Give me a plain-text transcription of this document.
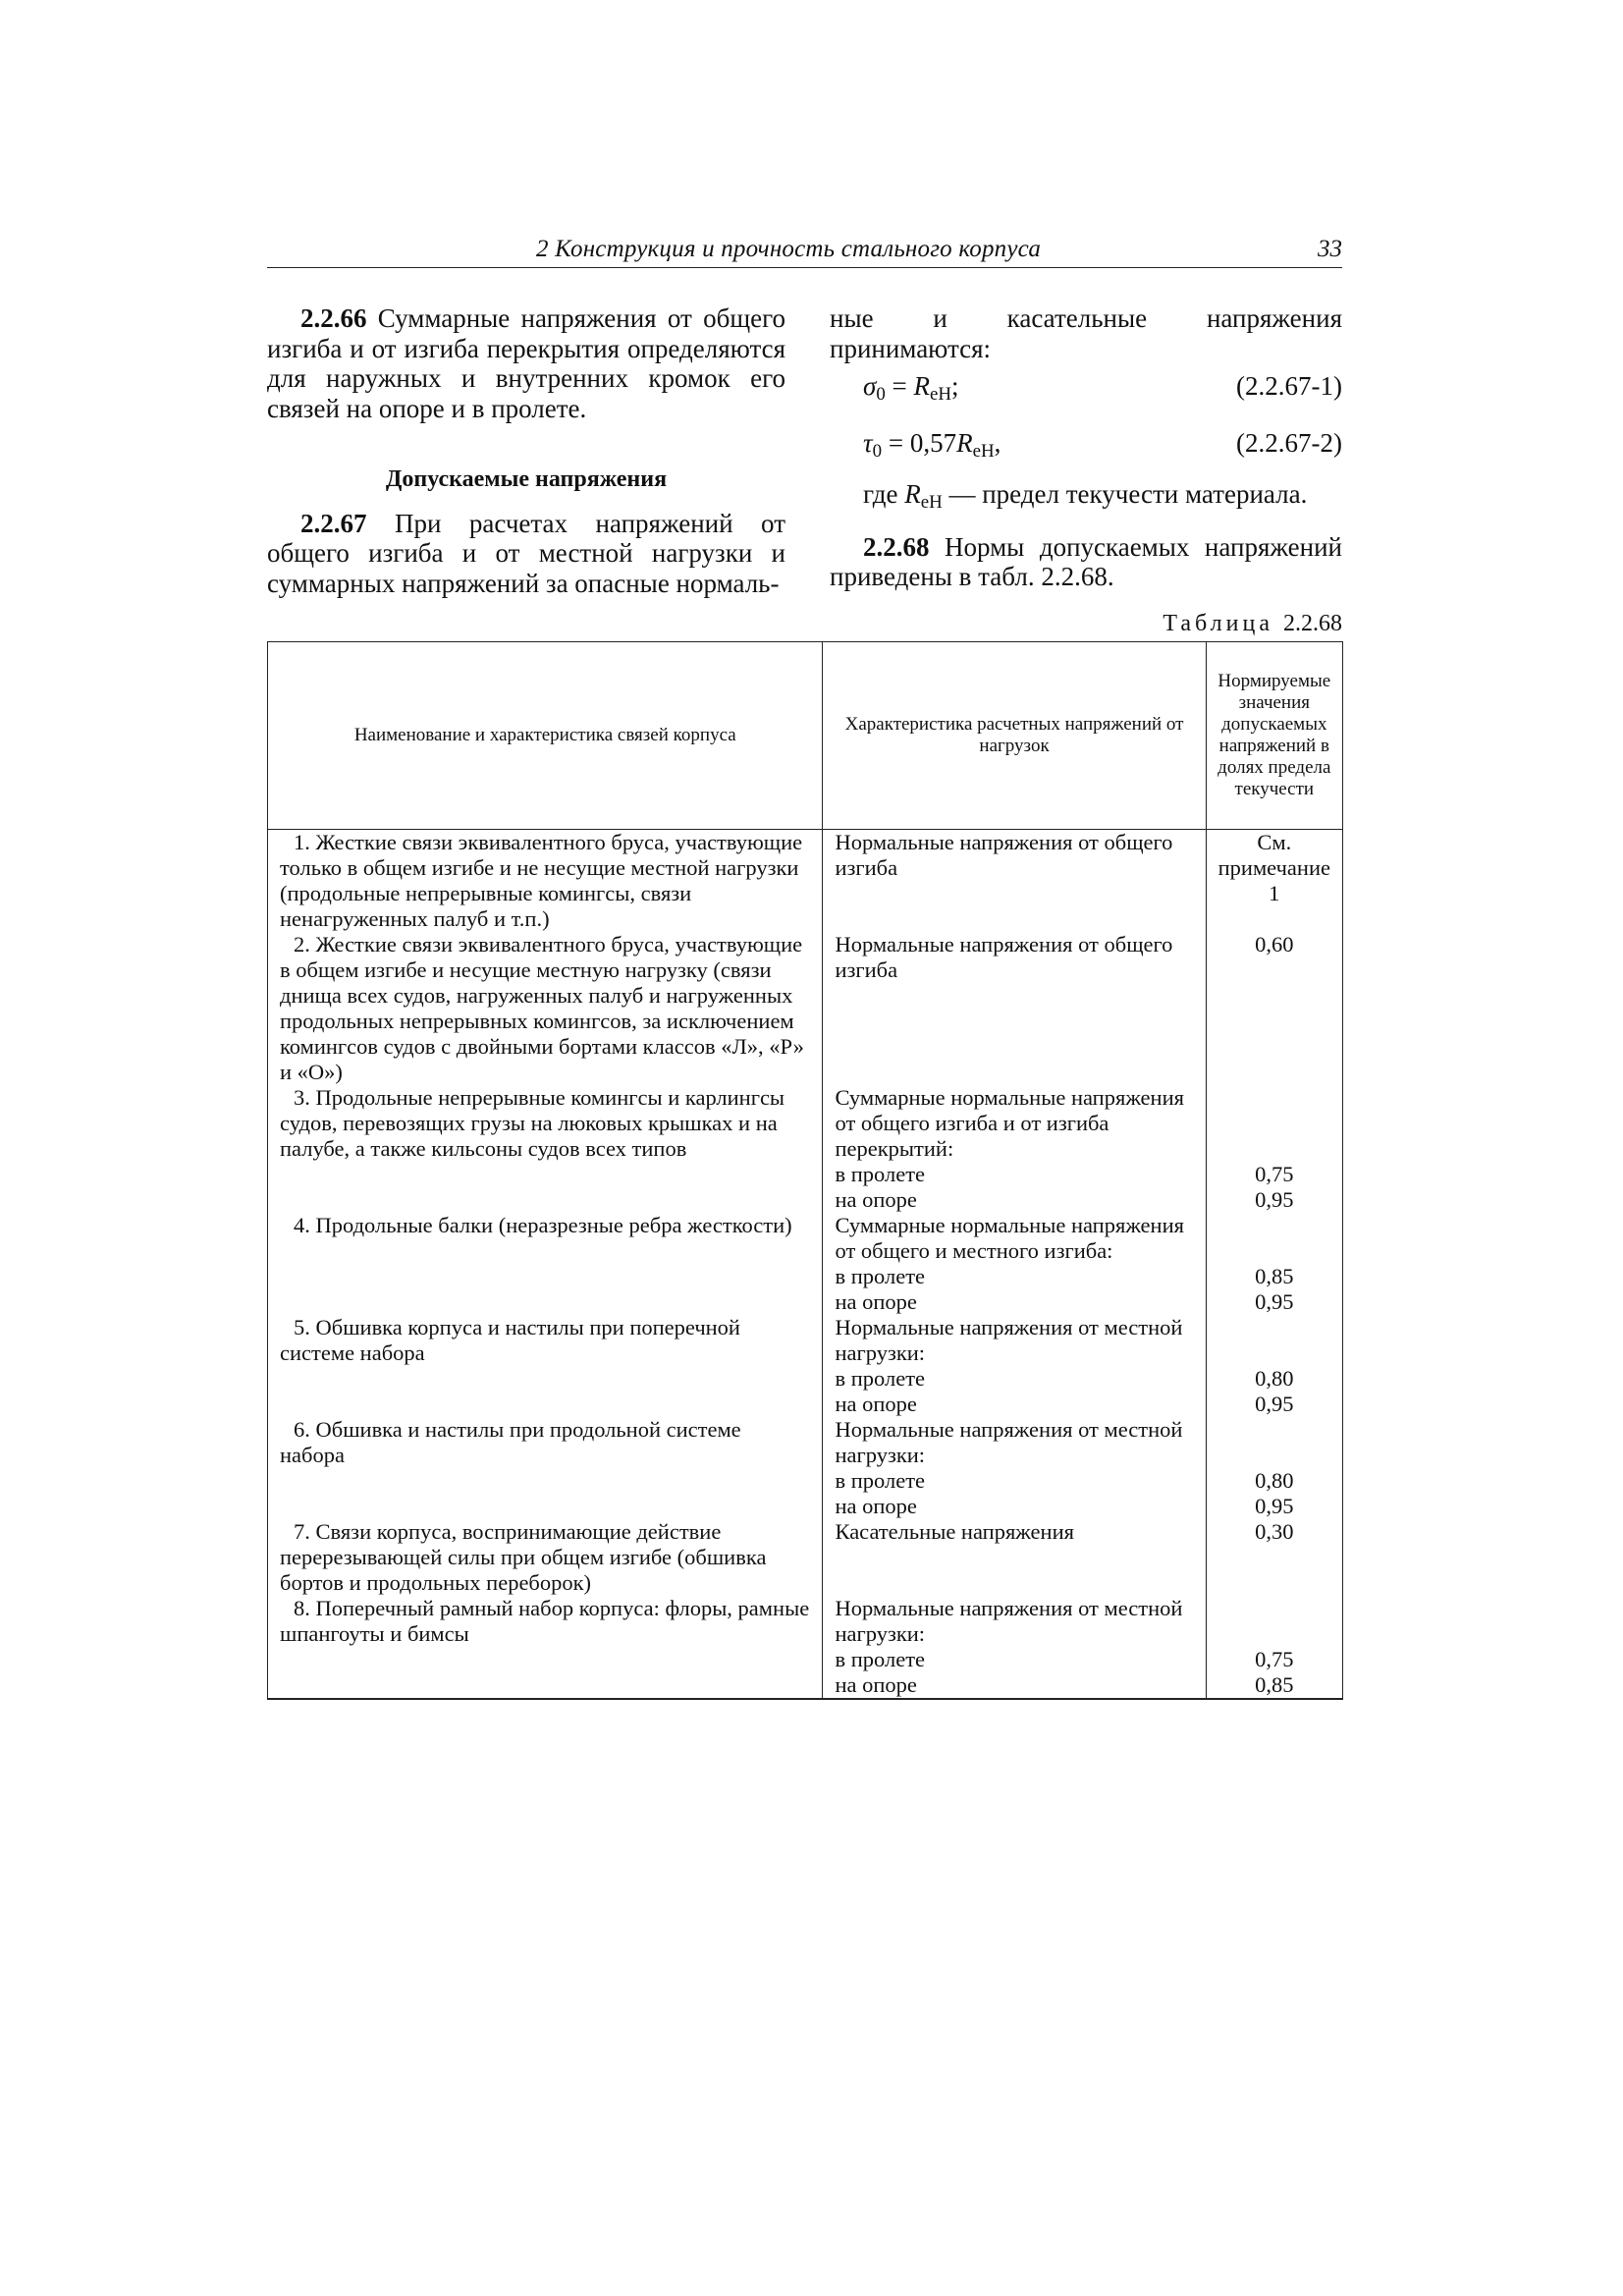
2 Конструкция и прочность стального корпуса	33

2.2.66 Суммарные напряжения от общего изгиба и от изгиба перекрытия определяются для наружных и внутренних кромок его связей на опоре и в пролете.

Допускаемые напряжения

2.2.67 При расчетах напряжений от общего изгиба и от местной нагрузки и суммарных напряжений за опасные нормаль-

ные и касательные напряжения принимаются:

$\sigma_0 = R_{eH}$;	(2.2.67-1)
$\tau_0 = 0,57R_{eH}$,	(2.2.67-2)

где $R_{eH}$ — предел текучести материала.

2.2.68 Нормы допускаемых напряжений приведены в табл. 2.2.68.

Таблица 2.2.68
Наименование и характеристика связей корпуса	Характеристика расчетных напряжений от нагрузок	Нормируемые значения допускаемых напряжений в долях предела текучести
1. Жесткие связи эквивалентного бруса, участвующие только в общем изгибе и не несущие местной нагрузки (продольные непрерывные комингсы, связи ненагруженных палуб и т.п.)	Нормальные напряжения от общего изгиба	См. примечание 1
2. Жесткие связи эквивалентного бруса, участвующие в общем изгибе и несущие местную нагрузку (связи днища всех судов, нагруженных палуб и нагруженных продольных непрерывных комингсов, за исключением комингсов судов с двойными бортами классов «Л», «Р» и «О»)	Нормальные напряжения от общего изгиба	0,60
3. Продольные непрерывные комингсы и карлингсы судов, перевозящих грузы на люковых крышках и на палубе, а также кильсоны судов всех типов	Суммарные нормальные напряжения от общего изгиба и от изгиба перекрытий:	
	в пролете	0,75
	на опоре	0,95
4. Продольные балки (неразрезные ребра жесткости)	Суммарные нормальные напряжения от общего и местного изгиба:	
	в пролете	0,85
	на опоре	0,95
5. Обшивка корпуса и настилы при поперечной системе набора	Нормальные напряжения от местной нагрузки:	
	в пролете	0,80
	на опоре	0,95
6. Обшивка и настилы при продольной системе набора	Нормальные напряжения от местной нагрузки:	
	в пролете	0,80
	на опоре	0,95
7. Связи корпуса, воспринимающие действие перерезывающей силы при общем изгибе (обшивка бортов и продольных переборок)	Касательные напряжения	0,30
8. Поперечный рамный набор корпуса: флоры, рамные шпангоуты и бимсы	Нормальные напряжения от местной нагрузки:	
	в пролете	0,75
	на опоре	0,85
